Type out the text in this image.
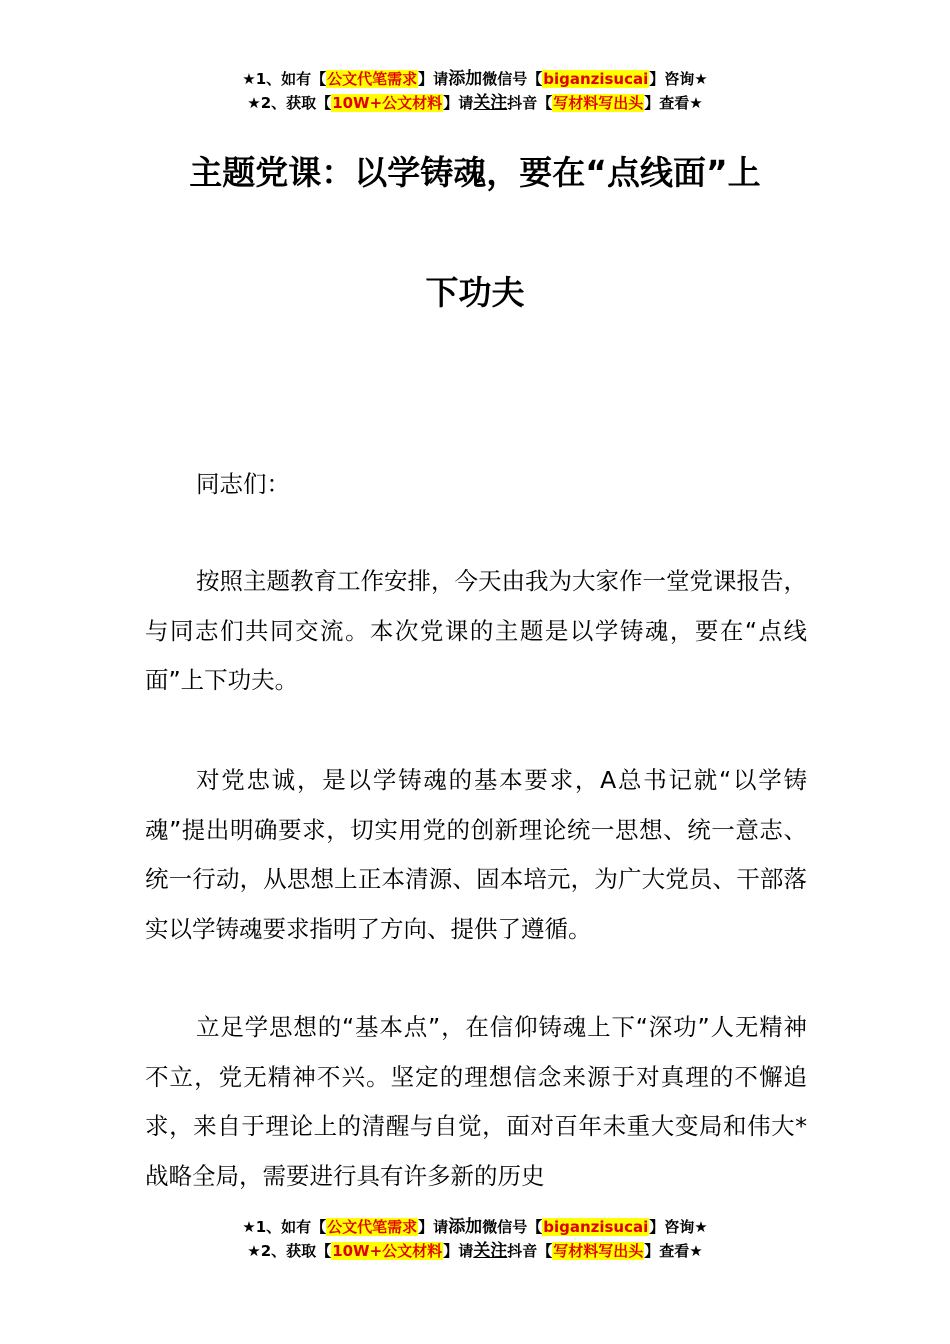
★1、如有【公文代笔需求】请添加微信号【biganzisucai】咨询★
★2、获取【10W+公文材料】请关注抖音【写材料写出头】查看★
主题党课：以学铸魂，要在“点线面”上
下功夫
同志们：
按照主题教育工作安排，今天由我为大家作一堂党课报告，与同志们共同交流。本次党课的主题是以学铸魂，要在“点线面”上下功夫。
对党忠诚，是以学铸魂的基本要求，A总书记就“以学铸魂”提出明确要求，切实用党的创新理论统一思想、统一意志、统一行动，从思想上正本清源、固本培元，为广大党员、干部落实以学铸魂要求指明了方向、提供了遵循。
立足学思想的“基本点”，在信仰铸魂上下“深功”人无精神不立，党无精神不兴。坚定的理想信念来源于对真理的不懈追求，来自于理论上的清醒与自觉，面对百年未重大变局和伟大*战略全局，需要进行具有许多新的历史
★1、如有【公文代笔需求】请添加微信号【biganzisucai】咨询★
★2、获取【10W+公文材料】请关注抖音【写材料写出头】查看★
